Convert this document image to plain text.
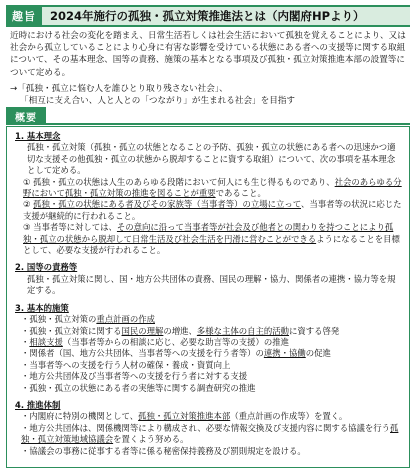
趣旨	2024年施行の孤独・孤立対策推進法とは（内閣府HPより）

近時における社会の変化を踏まえ、日常生活若しくは社会生活において孤独を覚えることにより、又は社会から孤立していることにより心身に有害な影響を受けている状態にある者への支援等に関する取組について、その基本理念、国等の責務、施策の基本となる事項及び孤独・孤立対策推進本部の設置等について定める。

→「孤独・孤立に悩む人を誰ひとり取り残さない社会」、
「相互に支え合い、人と人との「つながり」が生まれる社会」を目指す
概要
1. 基本理念

孤独・孤立対策（孤独・孤立の状態となることの予防、孤独・孤立の状態にある者への迅速かつ適切な支援その他孤独・孤立の状態から脱却することに資する取組）について、次の事項を基本理念として定める。

① 孤独・孤立の状態は人生のあらゆる段階において何人にも生じ得るものであり、社会のあらゆる分野において孤独・孤立対策の推進を図ることが重要であること。

② 孤独・孤立の状態にある者及びその家族等（当事者等）の立場に立って、当事者等の状況に応じた支援が継続的に行われること。

③ 当事者等に対しては、その意向に沿って当事者等が社会及び他者との関わりを持つことにより孤独・孤立の状態から脱却して日常生活及び社会生活を円滑に営むことができるようになることを目標として、必要な支援が行われること。

2. 国等の責務等

孤独・孤立対策に関し、国・地方公共団体の責務、国民の理解・協力、関係者の連携・協力等を規定する。

3. 基本的施策

・ 孤独・孤立対策の重点計画の作成

・ 孤独・孤立対策に関する国民の理解の増進、多様な主体の自主的活動に資する啓発

・ 相談支援（当事者等からの相談に応じ、必要な助言等の支援）の推進

・ 関係者（国、地方公共団体、当事者等への支援を行う者等）の連携・協働の促進

・ 当事者等への支援を行う人材の確保・養成・資質向上

・ 地方公共団体及び当事者等への支援を行う者に対する支援

・ 孤独・孤立の状態にある者の実態等に関する調査研究の推進

4. 推進体制

・ 内閣府に特別の機関として、孤独・孤立対策推進本部（重点計画の作成等）を置く。

・ 地方公共団体は、関係機関等により構成され、必要な情報交換及び支援内容に関する協議を行う孤独・孤立対策地域協議会を置くよう努める。

・ 協議会の事務に従事する者等に係る秘密保持義務及び罰則規定を設ける。
